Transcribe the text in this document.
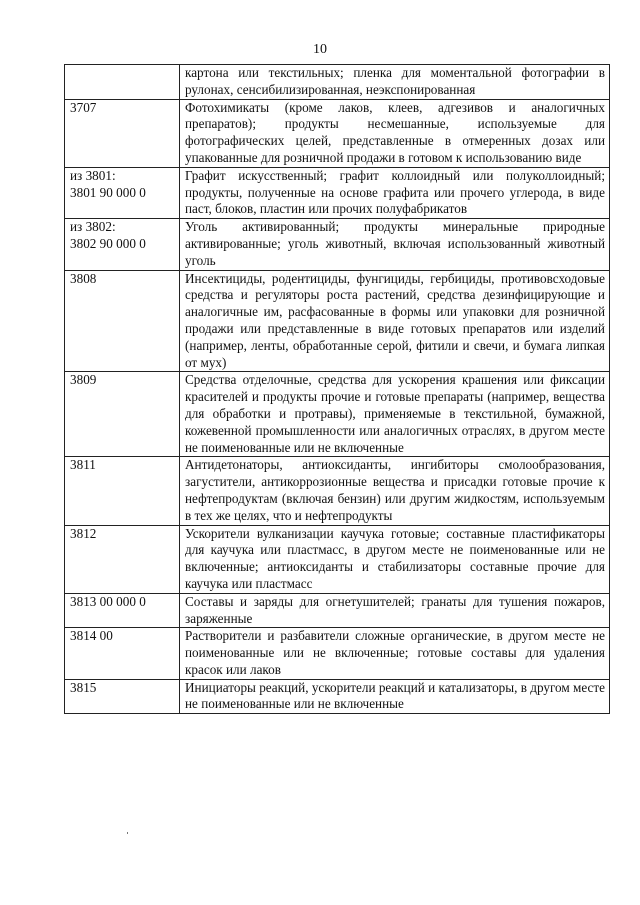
10
	картона или текстильных; пленка для моментальной фотографии в рулонах, сенсибилизированная, неэкспонированная

3707	Фотохимикаты (кроме лаков, клеев, адгезивов и аналогичных препаратов); продукты несмешанные, используемые для фотографических целей, представленные в отмеренных дозах или упакованные для розничной продажи в готовом к использованию виде

из 3801:
3801 90 000 0	Графит искусственный; графит коллоидный или полуколлоидный; продукты, полученные на основе графита или прочего углерода, в виде паст, блоков, пластин или прочих полуфабрикатов

из 3802:
3802 90 000 0	Уголь активированный; продукты минеральные природные активированные; уголь животный, включая использованный животный уголь

3808	Инсектициды, родентициды, фунгициды, гербициды, противовсходовые средства и регуляторы роста растений, средства дезинфицирующие и аналогичные им, расфасованные в формы или упаковки для розничной продажи или представленные в виде готовых препаратов или изделий (например, ленты, обработанные серой, фитили и свечи, и бумага липкая от мух)

3809	Средства отделочные, средства для ускорения крашения или фиксации красителей и продукты прочие и готовые препараты (например, вещества для обработки и протравы), применяемые в текстильной, бумажной, кожевенной промышленности или аналогичных отраслях, в другом месте не поименованные или не включенные

3811	Антидетонаторы, антиоксиданты, ингибиторы смолообразования, загустители, антикоррозионные вещества и присадки готовые прочие к нефтепродуктам (включая бензин) или другим жидкостям, используемым в тех же целях, что и нефтепродукты

3812	Ускорители вулканизации каучука готовые; составные пластификаторы для каучука или пластмасс, в другом месте не поименованные или не включенные; антиоксиданты и стабилизаторы составные прочие для каучука или пластмасс

3813 00 000 0	Составы и заряды для огнетушителей; гранаты для тушения пожаров, заряженные

3814 00	Растворители и разбавители сложные органические, в другом месте не поименованные или не включенные; готовые составы для удаления красок или лаков

3815	Инициаторы реакций, ускорители реакций и катализаторы, в другом месте не поименованные или не включенные
